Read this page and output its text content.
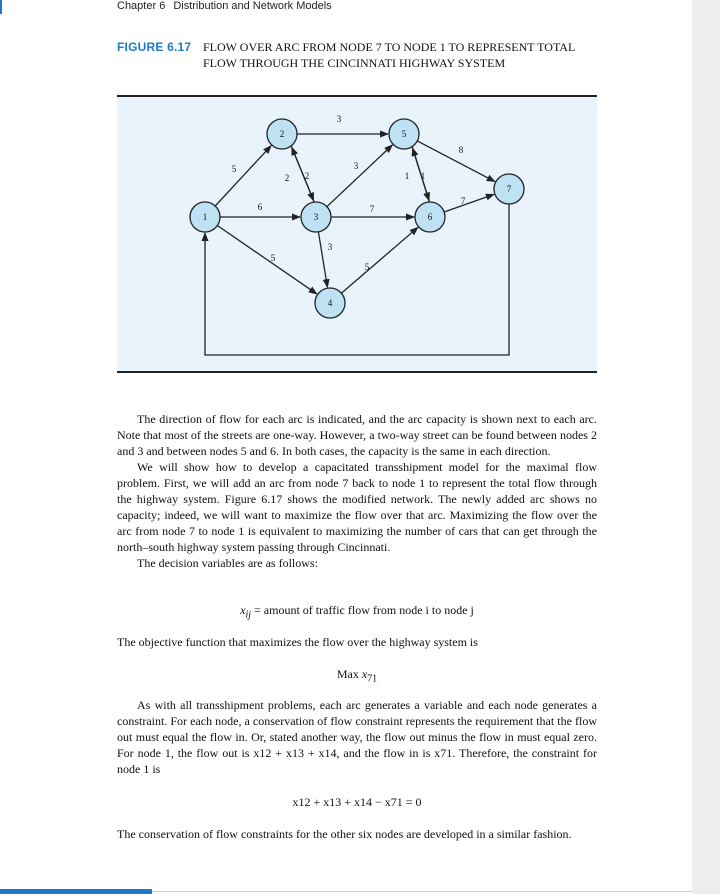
Chapter 6 Distribution and Network Models
FIGURE 6.17 FLOW OVER ARC FROM NODE 7 TO NODE 1 TO REPRESENT TOTAL FLOW THROUGH THE CINCINNATI HIGHWAY SYSTEM
5
6
5
3
2 2
3
7
3
5
1 1
8
7
1
2
3
4
5
6
7

The direction of flow for each arc is indicated, and the arc capacity is shown next to each arc. Note that most of the streets are one-way. However, a two-way street can be found between nodes 2 and 3 and between nodes 5 and 6. In both cases, the capacity is the same in each direction.

We will show how to develop a capacitated transshipment model for the maximal flow problem. First, we will add an arc from node 7 back to node 1 to represent the total flow through the highway system. Figure 6.17 shows the modified network. The newly added arc shows no capacity; indeed, we will want to maximize the flow over that arc. Maximizing the flow over the arc from node 7 to node 1 is equivalent to maximizing the number of cars that can get through the north–south highway system passing through Cincinnati.

The decision variables are as follows:

$x_{ij}$ = amount of traffic flow from node i to node j
The objective function that maximizes the flow over the highway system is
Max $x_{71}$

As with all transshipment problems, each arc generates a variable and each node generates a constraint. For each node, a conservation of flow constraint represents the requirement that the flow out must equal the flow in. Or, stated another way, the flow out minus the flow in must equal zero. For node 1, the flow out is x12 + x13 + x14, and the flow in is x71. Therefore, the constraint for node 1 is

x12 + x13 + x14 − x71 = 0

The conservation of flow constraints for the other six nodes are developed in a similar fashion.
